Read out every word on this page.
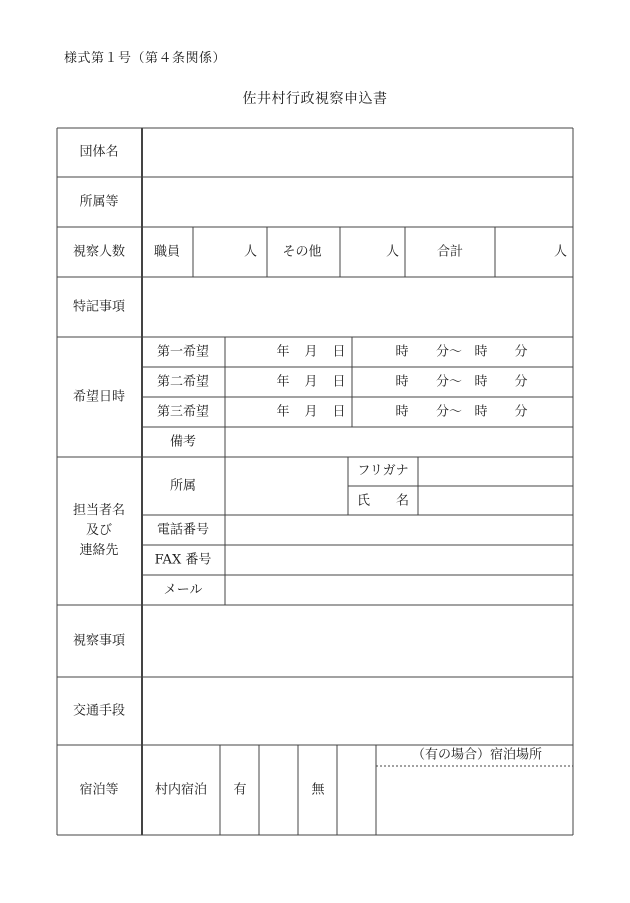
様式第１号（第４条関係）
佐井村行政視察申込書
団体名
所属等
視察人数 職員	人 その他	人	合計	人
特記事項
希望日時
第一希望	年 月 日	時 分～ 時 分
第二希望	年 月 日	時 分～ 時 分
第三希望	年 月 日	時 分～ 時 分
備考
担当者名
及び
連絡先
所属
フリガナ
氏　　名
電話番号
FAX 番号
メール
視察事項
交通手段
宿泊等	村内宿泊 有	無
（有の場合）宿泊場所
